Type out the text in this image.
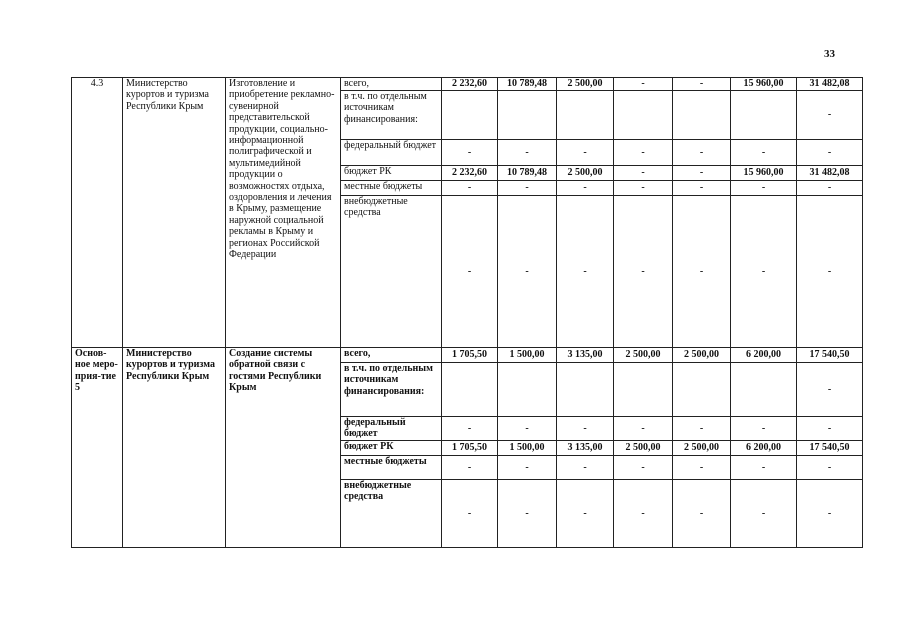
33
4.3	Министерство курортов и туризма Республики Крым	Изготовление и приобретение рекламно-сувенирной представительской продукции, социально-информационной полиграфической и мультимедийной продукции о возможностях отдыха, оздоровления и лечения в Крыму, размещение наружной социальной рекламы в Крыму и регионах Российской Федерации	всего,	2 232,60	10 789,48	2 500,00	-	-	15 960,00	31 482,08
			в т.ч. по отдельным источникам финансирования:							-
			федеральный бюджет	-	-	-	-	-	-	-
			бюджет РК	2 232,60	10 789,48	2 500,00	-	-	15 960,00	31 482,08
			местные бюджеты	-	-	-	-	-	-	-
			внебюджетные средства	-	-	-	-	-	-	-
Основ-ное меро-прия-тие 5	Министерство курортов и туризма Республики Крым	Создание системы обратной связи с гостями Республики Крым	всего,	1 705,50	1 500,00	3 135,00	2 500,00	2 500,00	6 200,00	17 540,50
			в т.ч. по отдельным источникам финансирования:							-
			федеральный бюджет	-	-	-	-	-	-	-
			бюджет РК	1 705,50	1 500,00	3 135,00	2 500,00	2 500,00	6 200,00	17 540,50
			местные бюджеты	-	-	-	-	-	-	-
			внебюджетные средства	-	-	-	-	-	-	-
